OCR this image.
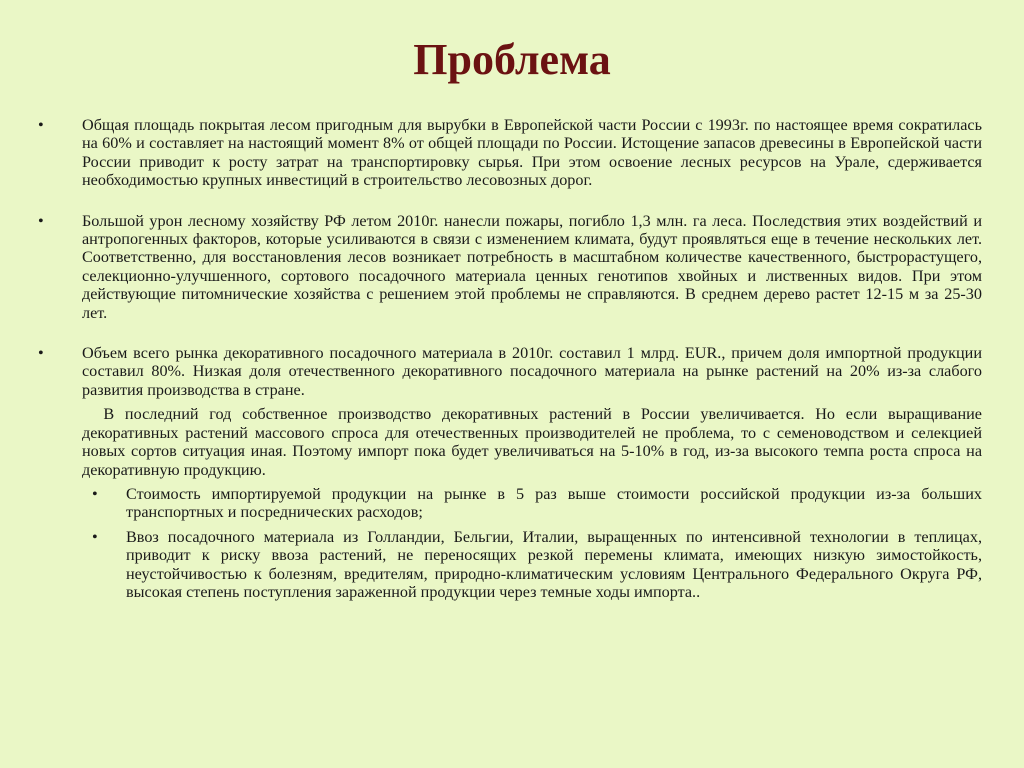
Проблема
•	Общая площадь покрытая лесом пригодным для вырубки в Европейской части России с 1993г. по настоящее время сократилась на 60% и составляет на настоящий момент 8% от общей площади по России. Истощение запасов древесины в Европейской части России приводит к росту затрат на транспортировку сырья. При этом освоение лесных ресурсов на Урале, сдерживается необходимостью крупных инвестиций в строительство лесовозных дорог.
•	Большой урон лесному хозяйству РФ летом 2010г. нанесли пожары, погибло 1,3 млн. га леса. Последствия этих воздействий и антропогенных факторов, которые усиливаются в связи с изменением климата, будут проявляться еще в течение нескольких лет. Соответственно, для восстановления лесов возникает потребность в масштабном количестве качественного, быстрорастущего, селекционно-улучшенного, сортового посадочного материала ценных генотипов хвойных и лиственных видов. При этом действующие питомнические хозяйства с решением этой проблемы не справляются. В среднем дерево растет 12-15 м за 25-30 лет.
•	Объем всего рынка декоративного посадочного материала в 2010г. составил 1 млрд. EUR., причем доля импортной продукции составил 80%. Низкая доля отечественного декоративного посадочного материала на рынке растений на 20% из-за слабого развития производства в стране.
В последний год собственное производство декоративных растений в России увеличивается. Но если выращивание декоративных растений массового спроса для отечественных производителей не проблема, то с семеноводством и селекцией новых сортов ситуация иная. Поэтому импорт пока будет увеличиваться на 5-10% в год, из-за высокого темпа роста спроса на декоративную продукцию.
•	Стоимость импортируемой продукции на рынке в 5 раз выше стоимости российской продукции из-за больших транспортных и посреднических расходов;
•	Ввоз посадочного материала из Голландии, Бельгии, Италии, выращенных по интенсивной технологии в теплицах, приводит к риску ввоза растений, не переносящих резкой перемены климата, имеющих низкую зимостойкость, неустойчивостью к болезням, вредителям, природно-климатическим условиям Центрального Федерального Округа РФ, высокая степень поступления зараженной продукции через темные ходы импорта..
